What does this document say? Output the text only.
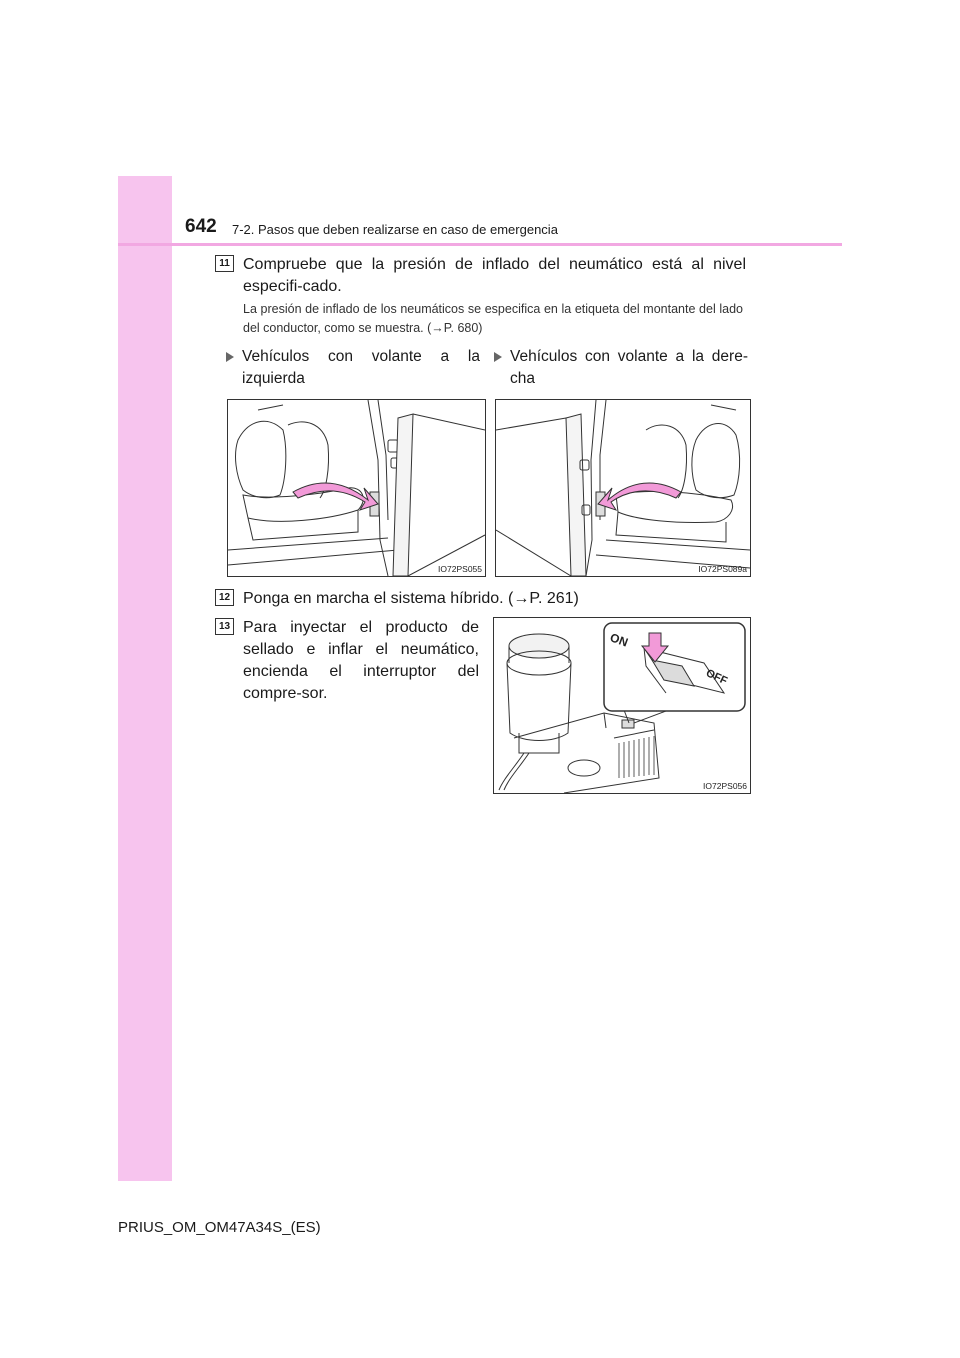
642 7-2. Pasos que deben realizarse en caso de emergencia
11 Compruebe que la presión de inflado del neumático está al nivel especifi-cado.
La presión de inflado de los neumáticos se especifica en la etiqueta del montante del lado del conductor, como se muestra. (→P. 680)
Vehículos con volante a la izquierda
Vehículos con volante a la dere-cha
IO72PS055	IO72PS089a
12 Ponga en marcha el sistema híbrido. (→P. 261)
13 Para inyectar el producto de sellado e inflar el neumático, encienda el interruptor del compre-sor.
ON
OFF
IO72PS056
PRIUS_OM_OM47A34S_(ES)
